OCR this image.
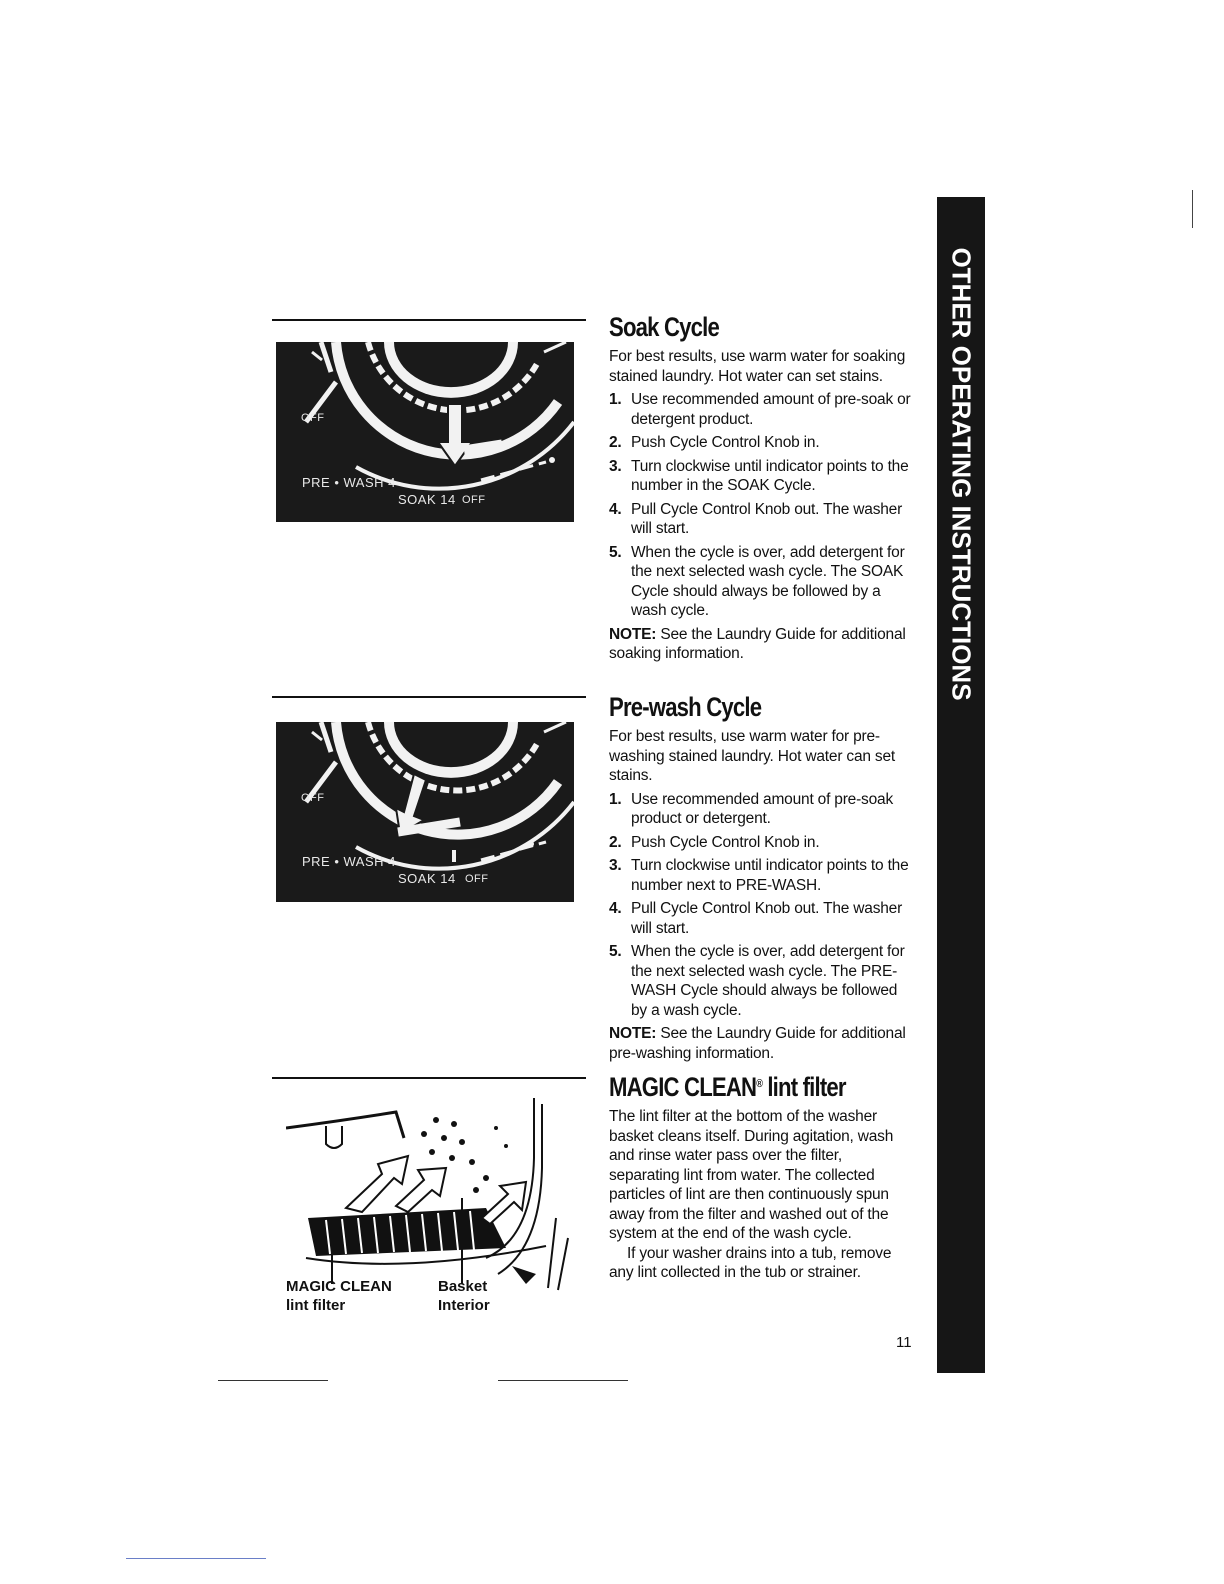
OFF
PRE • WASH 4
SOAK 14 OFF
OFF
PRE • WASH 4
SOAK 14 OFF
MAGIC CLEAN
lint filter
Basket
Interior
Soak Cycle

For best results, use warm water for soaking stained laundry. Hot water can set stains.

1. Use recommended amount of pre-soak or detergent product.
2. Push Cycle Control Knob in.
3. Turn clockwise until indicator points to the number in the SOAK Cycle.
4. Pull Cycle Control Knob out. The washer will start.
5. When the cycle is over, add detergent for the next selected wash cycle. The SOAK Cycle should always be followed by a wash cycle.

NOTE: See the Laundry Guide for additional soaking information.

Pre-wash Cycle

For best results, use warm water for pre-washing stained laundry. Hot water can set stains.

1. Use recommended amount of pre-soak product or detergent.
2. Push Cycle Control Knob in.
3. Turn clockwise until indicator points to the number next to PRE-WASH.
4. Pull Cycle Control Knob out. The washer will start.
5. When the cycle is over, add detergent for the next selected wash cycle. The PRE-WASH Cycle should always be followed by a wash cycle.

NOTE: See the Laundry Guide for additional pre-washing information.

MAGIC CLEAN® lint filter

The lint filter at the bottom of the washer basket cleans itself. During agitation, wash and rinse water pass over the filter, separating lint from water. The collected particles of lint are then continuously spun away from the filter and washed out of the system at the end of the wash cycle.

If your washer drains into a tub, remove any lint collected in the tub or strainer.

OTHER OPERATING INSTRUCTIONS
11
